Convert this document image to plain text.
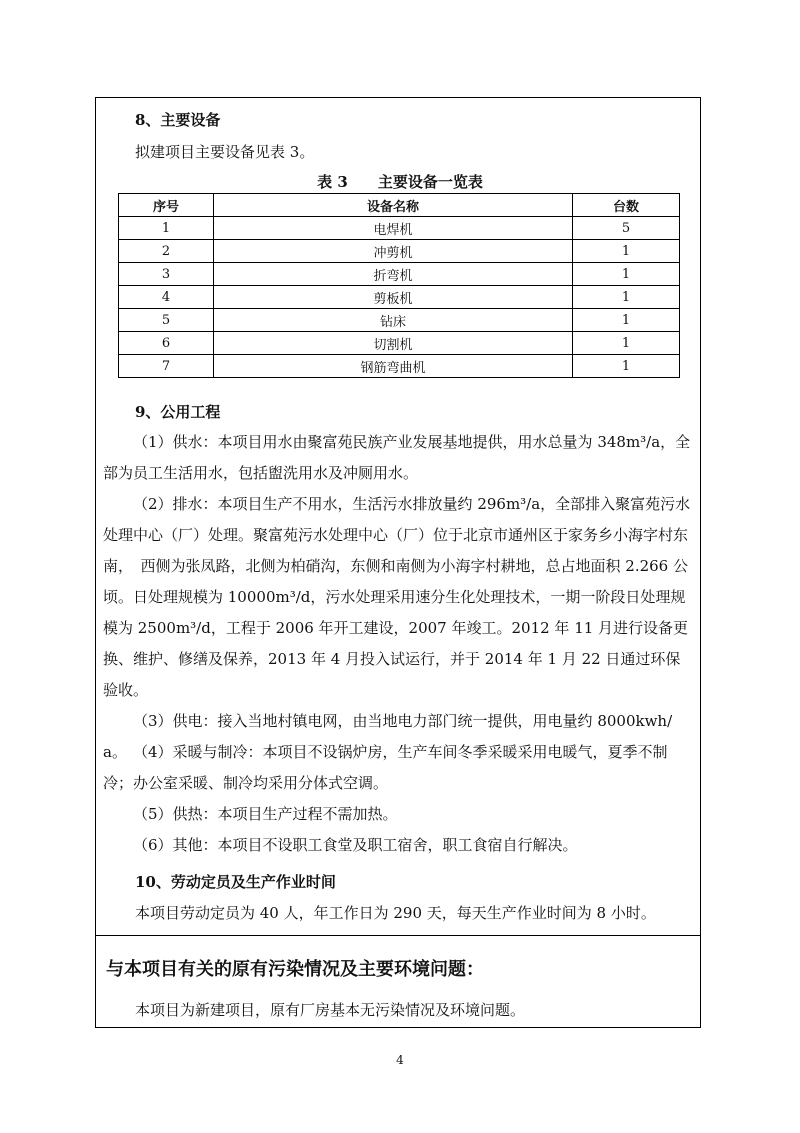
8、主要设备
拟建项目主要设备见表 3。
表 3　　主要设备一览表
序号	设备名称	台数
1	电焊机	5
2	冲剪机	1
3	折弯机	1
4	剪板机	1
5	钻床	1
6	切割机	1
7	钢筋弯曲机	1
9、公用工程
（1）供水：本项目用水由聚富苑民族产业发展基地提供，用水总量为 348m³/a，全部为员工生活用水，包括盥洗用水及冲厕用水。
（2）排水：本项目生产不用水，生活污水排放量约 296m³/a，全部排入聚富苑污水处理中心（厂）处理。聚富苑污水处理中心（厂）位于北京市通州区于家务乡小海字村东南，　西侧为张凤路，北侧为柏硝沟，东侧和南侧为小海字村耕地，总占地面积 2.266 公顷。日处理规模为 10000m³/d，污水处理采用速分生化处理技术，一期一阶段日处理规模为 2500m³/d，工程于 2006 年开工建设，2007 年竣工。2012 年 11 月进行设备更换、维护、修缮及保养，2013 年 4 月投入试运行，并于 2014 年 1 月 22 日通过环保验收。
（3）供电：接入当地村镇电网，由当地电力部门统一提供，用电量约 8000kwh/a。 （4）采暖与制冷：本项目不设锅炉房，生产车间冬季采暖采用电暖气，夏季不制冷；办公室采暖、制冷均采用分体式空调。
（5）供热：本项目生产过程不需加热。
（6）其他：本项目不设职工食堂及职工宿舍，职工食宿自行解决。
10、劳动定员及生产作业时间
本项目劳动定员为 40 人，年工作日为 290 天，每天生产作业时间为 8 小时。
与本项目有关的原有污染情况及主要环境问题：
本项目为新建项目，原有厂房基本无污染情况及环境问题。
4
